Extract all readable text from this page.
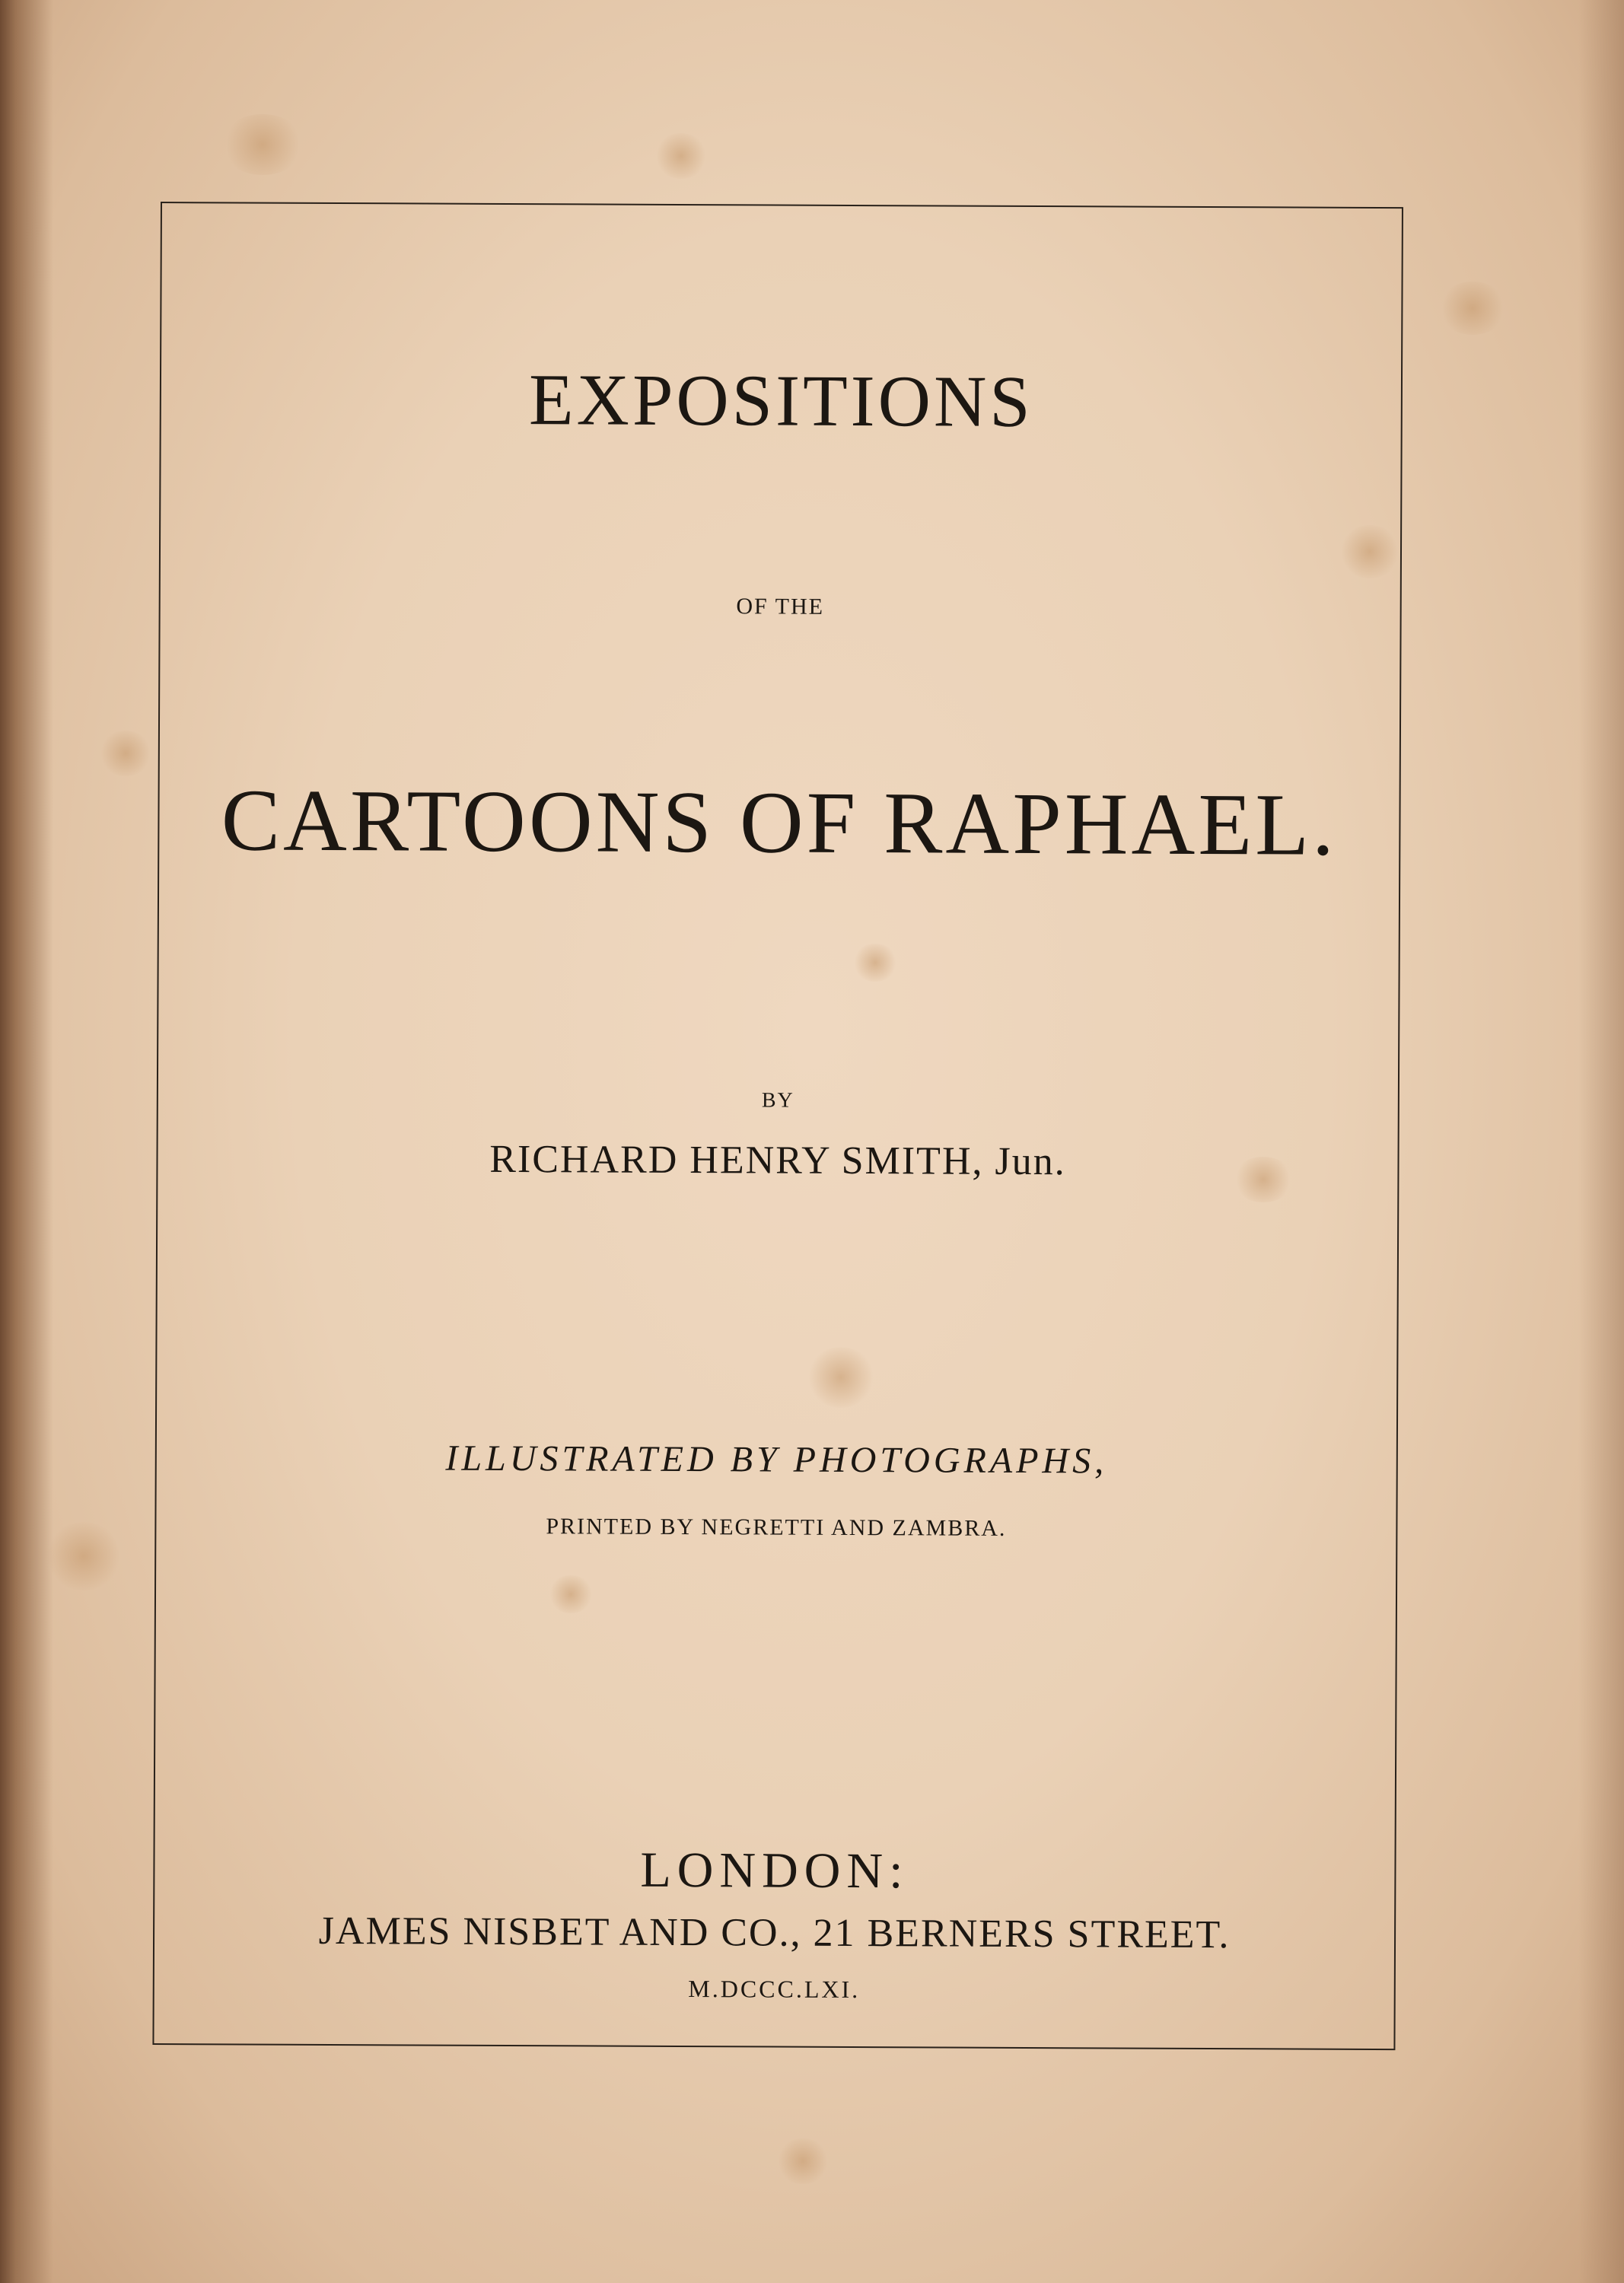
EXPOSITIONS
OF THE
CARTOONS OF RAPHAEL.
BY
RICHARD HENRY SMITH, Jun.
ILLUSTRATED BY PHOTOGRAPHS,
PRINTED BY NEGRETTI AND ZAMBRA.
LONDON:
JAMES NISBET AND CO., 21 BERNERS STREET.
M.DCCC.LXI.
